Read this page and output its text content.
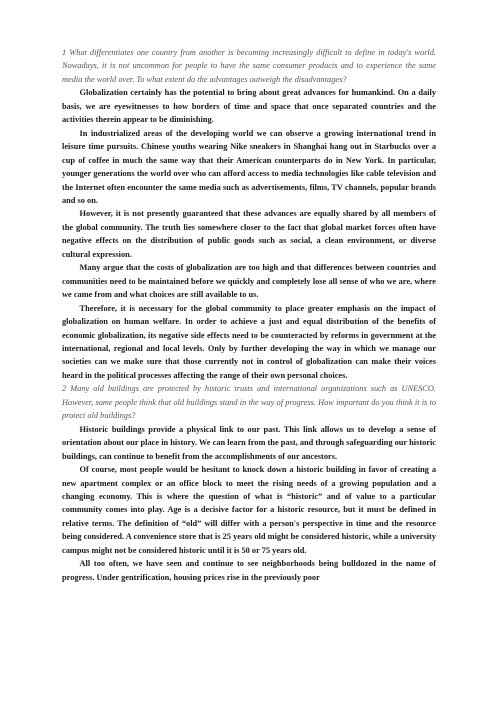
1 What differentiates one country from another is becoming increasingly difficult to define in today's world. Nowadays, it is not uncommon for people to have the same consumer products and to experience the same media the world over. To what extent do the advantages outweigh the disadvantages?

Globalization certainly has the potential to bring about great advances for humankind. On a daily basis, we are eyewitnesses to how borders of time and space that once separated countries and the activities therein appear to be diminishing.

In industrialized areas of the developing world we can observe a growing international trend in leisure time pursuits. Chinese youths wearing Nike sneakers in Shanghai hang out in Starbucks over a cup of coffee in much the same way that their American counterparts do in New York. In particular, younger generations the world over who can afford access to media technologies like cable television and the Internet often encounter the same media such as advertisements, films, TV channels, popular brands and so on.

However, it is not presently guaranteed that these advances are equally shared by all members of the global community. The truth lies somewhere closer to the fact that global market forces often have negative effects on the distribution of public goods such as social, a clean environment, or diverse cultural expression.

Many argue that the costs of globalization are too high and that differences between countries and communities need to be maintained before we quickly and completely lose all sense of who we are, where we came from and what choices are still available to us.

Therefore, it is necessary for the global community to place greater emphasis on the impact of globalization on human welfare. In order to achieve a just and equal distribution of the benefits of economic globalization, its negative side effects need to be counteracted by reforms in government at the international, regional and local levels. Only by further developing the way in which we manage our societies can we make sure that those currently not in control of globalization can make their voices heard in the political processes affecting the range of their own personal choices.

2 Many old buildings are protected by historic trusts and international organizations such as UNESCO. However, some people think that old buildings stand in the way of progress. How important do you think it is to protect old buildings?

Historic buildings provide a physical link to our past. This link allows us to develop a sense of orientation about our place in history. We can learn from the past, and through safeguarding our historic buildings, can continue to benefit from the accomplishments of our ancestors.

Of course, most people would be hesitant to knock down a historic building in favor of creating a new apartment complex or an office block to meet the rising needs of a growing population and a changing economy. This is where the question of what is “historic” and of value to a particular community comes into play. Age is a decisive factor for a historic resource, but it must be defined in relative terms. The definition of “old” will differ with a person's perspective in time and the resource being considered. A convenience store that is 25 years old might be considered historic, while a university campus might not be considered historic until it is 50 or 75 years old.

All too often, we have seen and continue to see neighborhoods being bulldozed in the name of progress. Under gentrification, housing prices rise in the previously poor
